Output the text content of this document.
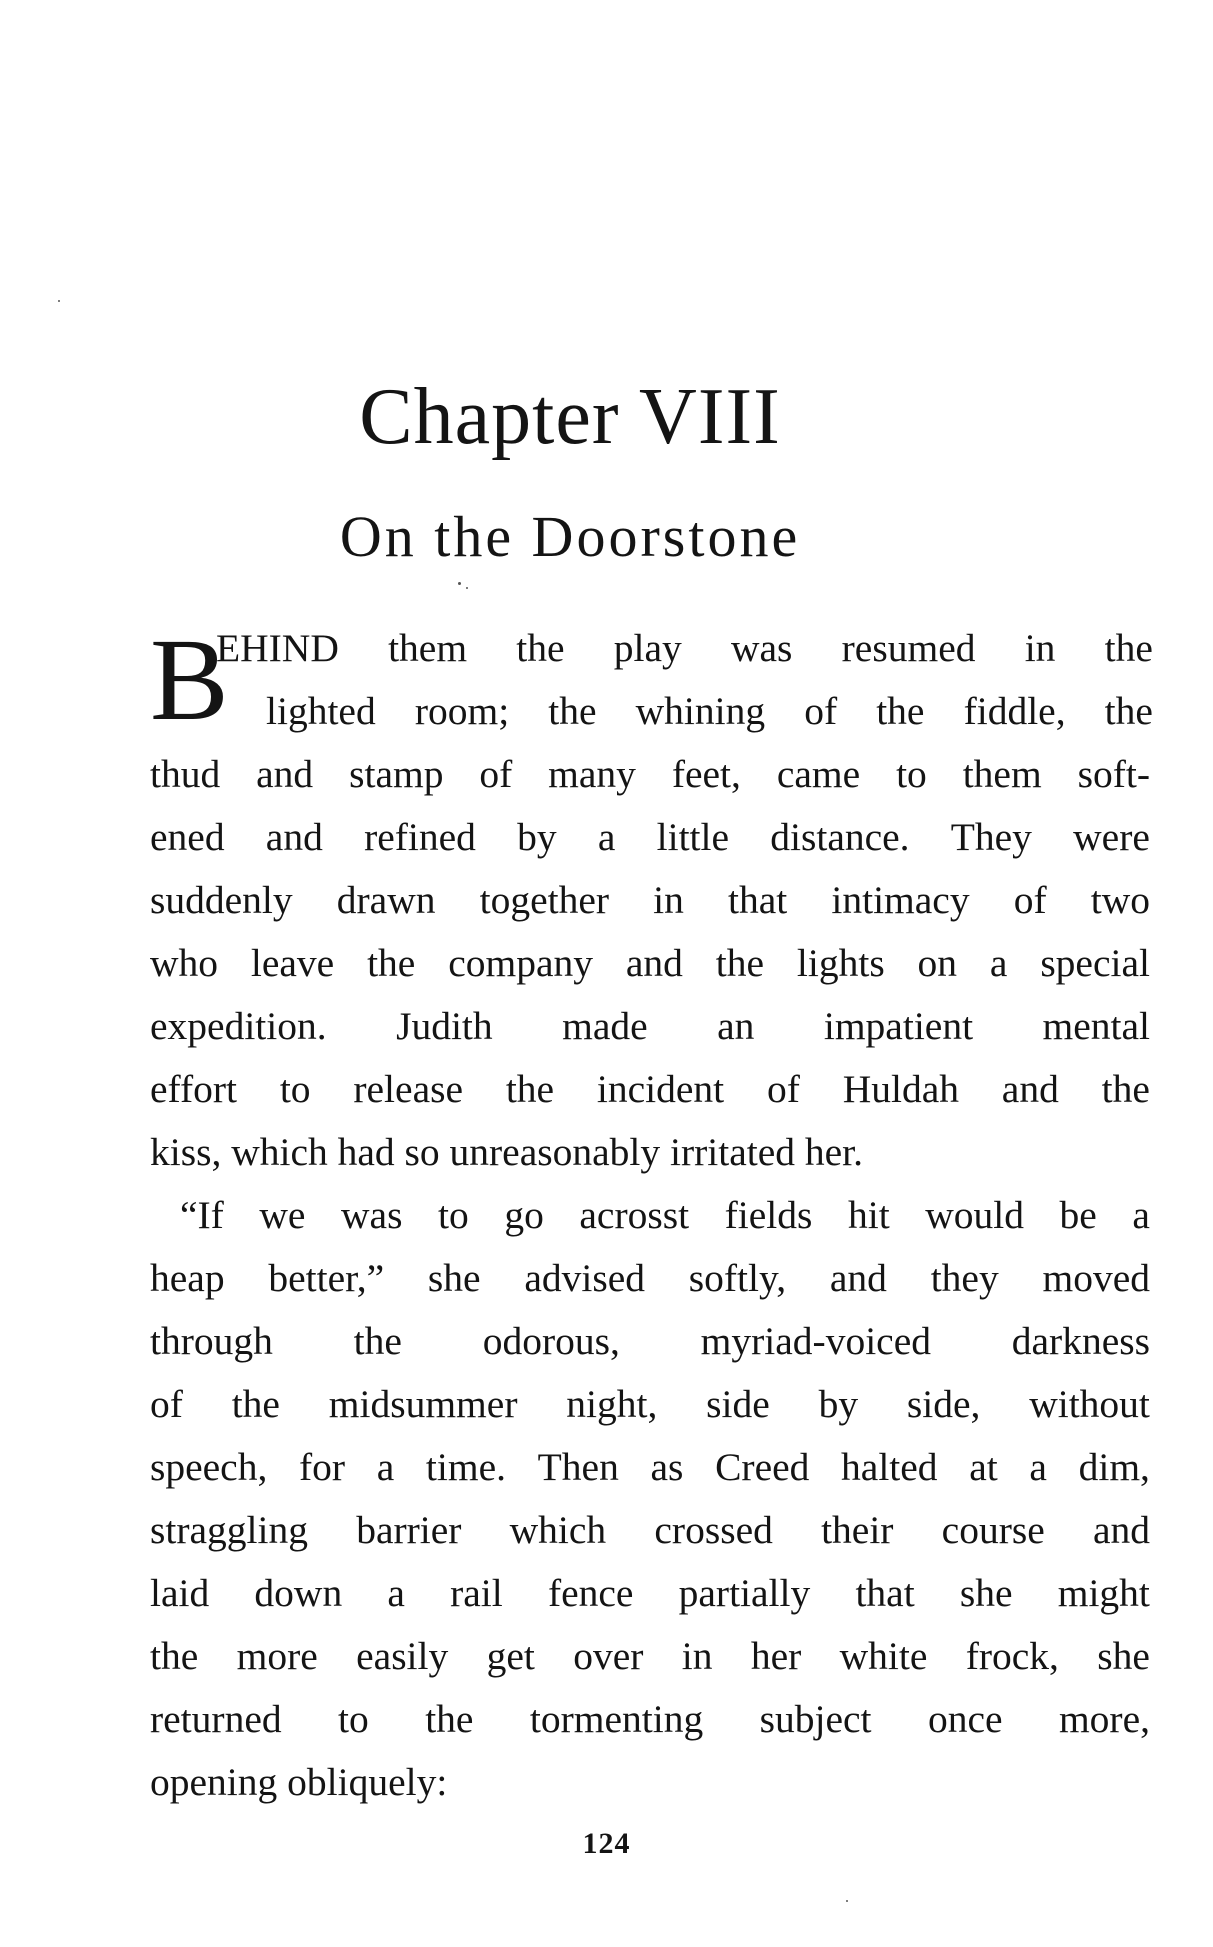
Chapter VIII
On the Doorstone
B
EHIND them the play was resumed in the
lighted room; the whining of the fiddle, the
thud and stamp of many feet, came to them soft-
ened and refined by a little distance. They were
suddenly drawn together in that intimacy of two
who leave the company and the lights on a special
expedition. Judith made an impatient mental
effort to release the incident of Huldah and the
kiss, which had so unreasonably irritated her.
“If we was to go acrosst fields hit would be a
heap better,” she advised softly, and they moved
through the odorous, myriad-voiced darkness
of the midsummer night, side by side, without
speech, for a time. Then as Creed halted at a dim,
straggling barrier which crossed their course and
laid down a rail fence partially that she might
the more easily get over in her white frock, she
returned to the tormenting subject once more,
opening obliquely:
124
